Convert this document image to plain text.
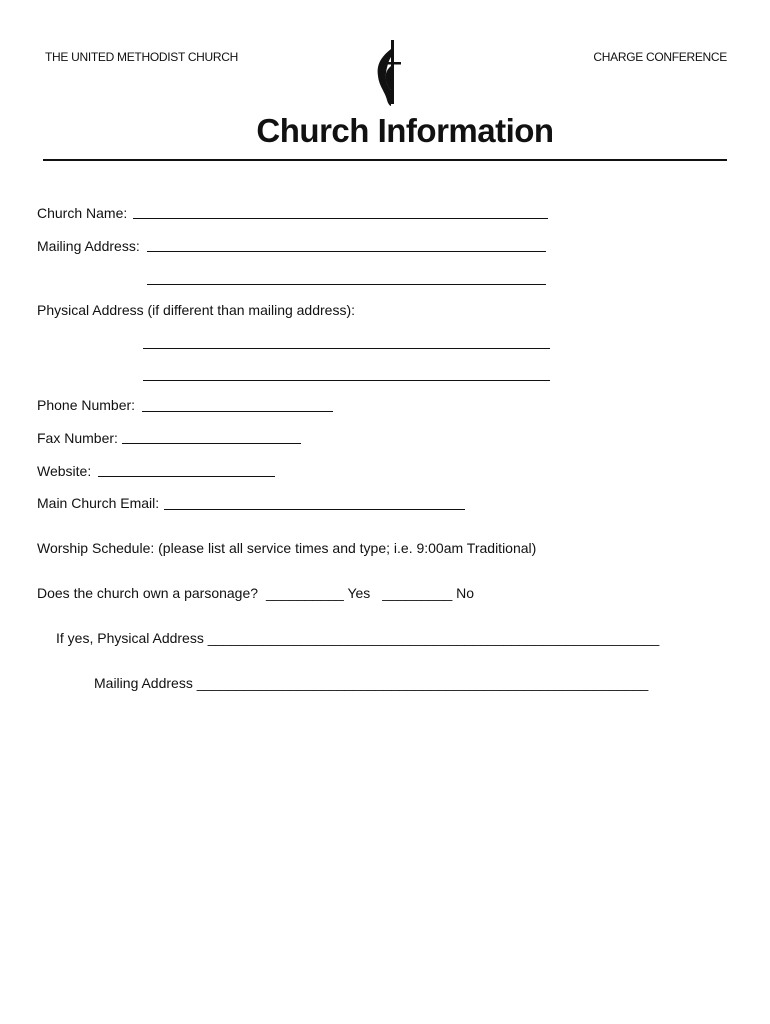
THE UNITED METHODIST CHURCH	CHARGE CONFERENCE
Church Information
Church Name:
Mailing Address:
Physical Address (if different than mailing address):
Phone Number:
Fax Number:
Website:
Main Church Email:
Worship Schedule: (please list all service times and type; i.e. 9:00am Traditional)
Does the church own a parsonage? __________ Yes _________ No
If yes, Physical Address __________________________________________________________
Mailing Address __________________________________________________________
